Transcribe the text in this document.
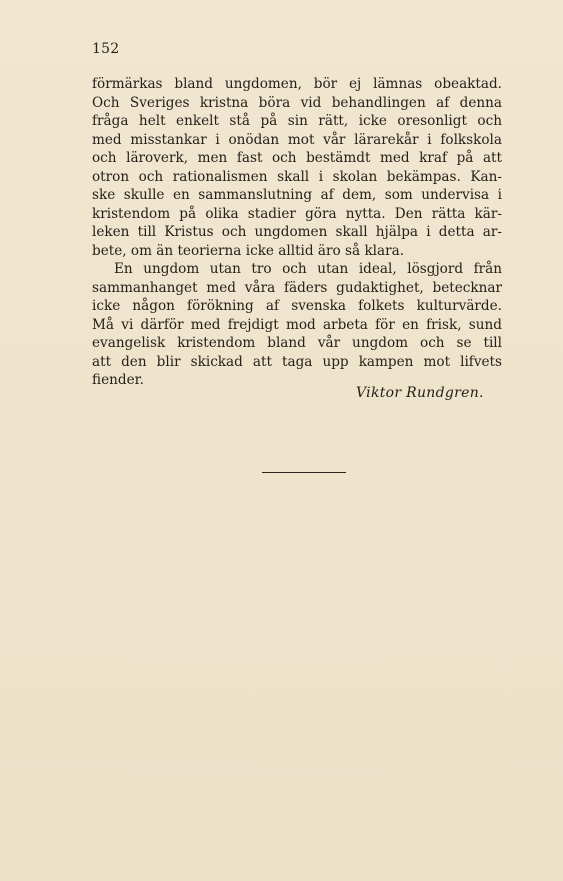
152
förmärkas bland ungdomen, bör ej lämnas obeaktad.
Och Sveriges kristna böra vid behandlingen af denna
fråga helt enkelt stå på sin rätt, icke oresonligt och
med misstankar i onödan mot vår lärarekår i folkskola
och läroverk, men fast och bestämdt med kraf på att
otron och rationalismen skall i skolan bekämpas. Kan-
ske skulle en sammanslutning af dem, som undervisa i
kristendom på olika stadier göra nytta. Den rätta kär-
leken till Kristus och ungdomen skall hjälpa i detta ar-
bete, om än teorierna icke alltid äro så klara.
En ungdom utan tro och utan ideal, lösgjord från
sammanhanget med våra fäders gudaktighet, betecknar
icke någon förökning af svenska folkets kulturvärde.
Må vi därför med frejdigt mod arbeta för en frisk, sund
evangelisk kristendom bland vår ungdom och se till
att den blir skickad att taga upp kampen mot lifvets
fiender.
Viktor Rundgren.
